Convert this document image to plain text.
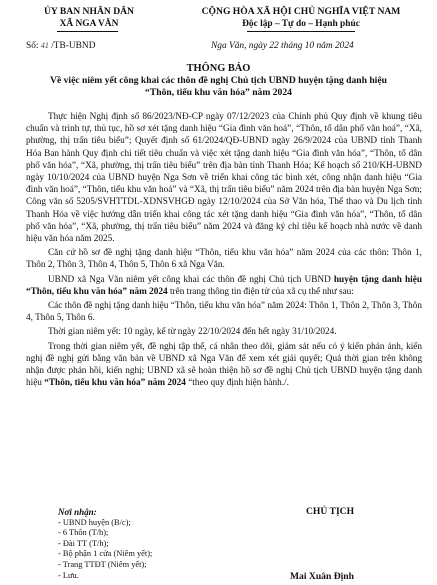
ỦY BAN NHÂN DÂN
XÃ NGA VĂN
CỘNG HÒA XÃ HỘI CHỦ NGHĨA VIỆT NAM
Độc lập – Tự do – Hạnh phúc
Số: 41 /TB-UBND	Nga Văn, ngày 22 tháng 10 năm 2024
THÔNG BÁO
Về việc niêm yết công khai các thôn đề nghị Chủ tịch UBND huyện tặng danh hiệu “Thôn, tiểu khu văn hóa” năm 2024

Thực hiện Nghị định số 86/2023/NĐ-CP ngày 07/12/2023 của Chính phủ Quy định về khung tiêu chuẩn và trình tự, thủ tục, hồ sơ xét tặng danh hiệu “Gia đình văn hoá”, “Thôn, tổ dân phố văn hoá”, “Xã, phường, thị trấn tiêu biểu”; Quyết định số 61/2024/QĐ-UBND ngày 26/9/2024 của UBND tỉnh Thanh Hóa Ban hành Quy định chi tiết tiêu chuẩn và việc xét tặng danh hiệu “Gia đình văn hóa”, “Thôn, tổ dân phố văn hóa”, “Xã, phường, thị trấn tiêu biểu” trên địa bàn tỉnh Thanh Hóa; Kế hoạch số 210/KH-UBND ngày 10/10/2024 của UBND huyện Nga Sơn về triển khai công tác bình xét, công nhận danh hiệu “Gia đình văn hoá”, “Thôn, tiểu khu văn hoá” và “Xã, thị trấn tiêu biểu” năm 2024 trên địa bàn huyện Nga Sơn; Công văn số 5205/SVHTTDL-XDNSVHGĐ ngày 12/10/2024 của Sở Văn hóa, Thể thao và Du lịch tỉnh Thanh Hóa về việc hướng dẫn triển khai công tác xét tặng danh hiệu “Gia đình văn hóa”, “Thôn, tổ dân phố văn hóa”, “Xã, phường, thị trấn tiêu biểu” năm 2024 và đăng ký chỉ tiêu kế hoạch nhà nước về danh hiệu văn hóa năm 2025.

Căn cứ hồ sơ đề nghị tặng danh hiệu “Thôn, tiểu khu văn hóa” năm 2024 của các thôn: Thôn 1, Thôn 2, Thôn 3, Thôn 4, Thôn 5, Thôn 6 xã Nga Văn.

UBND xã Nga Văn niêm yết công khai các thôn đề nghị Chủ tịch UBND huyện tặng danh hiệu “Thôn, tiểu khu văn hóa” năm 2024 trên trang thông tin điện tử của xã cụ thể như sau:

Các thôn đề nghị tặng danh hiệu “Thôn, tiểu khu văn hóa” năm 2024: Thôn 1, Thôn 2, Thôn 3, Thôn 4, Thôn 5, Thôn 6.

Thời gian niêm yết: 10 ngày, kể từ ngày 22/10/2024 đến hết ngày 31/10/2024.

Trong thời gian niêm yết, đề nghị tập thể, cá nhân theo dõi, giám sát nếu có ý kiến phản ánh, kiến nghị đề nghị gửi bằng văn bản về UBND xã Nga Văn để xem xét giải quyết; Quá thời gian trên không nhận được phản hồi, kiến nghị; UBND xã sẽ hoàn thiện hồ sơ đề nghị Chủ tịch UBND huyện tặng danh hiệu “Thôn, tiểu khu văn hóa” năm 2024 “theo quy định hiện hành./.

Nơi nhận:
- UBND huyện (B/c);
- 6 Thôn (T/h);
- Đài TT (T/h);
- Bộ phận 1 cửa (Niêm yết);
- Trang TTĐT (Niêm yết);
- Lưu.
CHỦ TỊCH
Mai Xuân Định
